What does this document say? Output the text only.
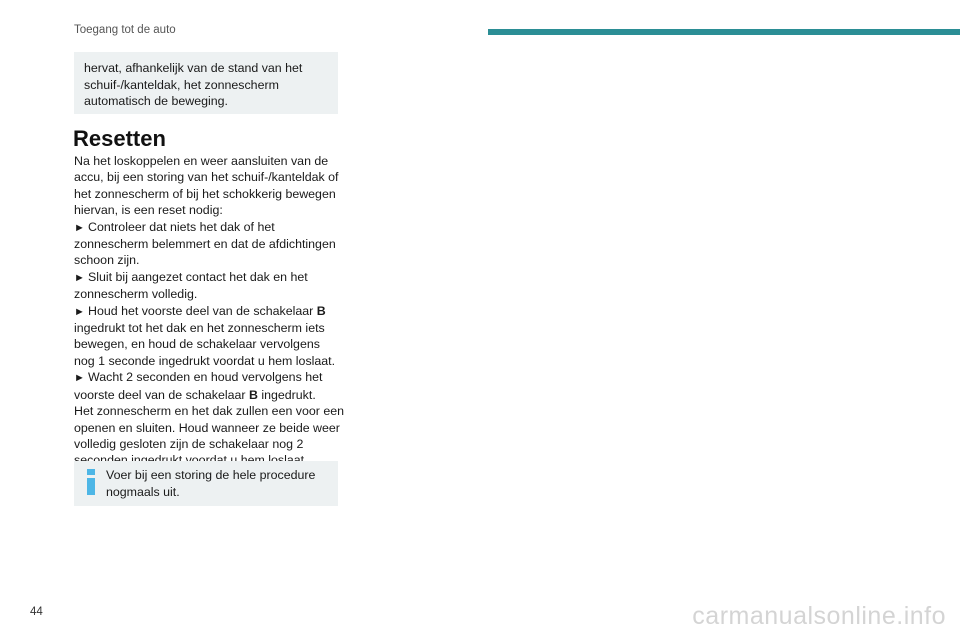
Toegang tot de auto
hervat, afhankelijk van de stand van het schuif-/kanteldak, het zonnescherm automatisch de beweging.
Resetten

Na het loskoppelen en weer aansluiten van de accu, bij een storing van het schuif-/kanteldak of het zonnescherm of bij het schokkerig bewegen hiervan, is een reset nodig:

► Controleer dat niets het dak of het zonnescherm belemmert en dat de afdichtingen schoon zijn.

► Sluit bij aangezet contact het dak en het zonnescherm volledig.

► Houd het voorste deel van de schakelaar B ingedrukt tot het dak en het zonnescherm iets bewegen, en houd de schakelaar vervolgens nog 1 seconde ingedrukt voordat u hem loslaat.

► Wacht 2 seconden en houd vervolgens het voorste deel van de schakelaar B ingedrukt.

Het zonnescherm en het dak zullen een voor een openen en sluiten. Houd wanneer ze beide weer volledig gesloten zijn de schakelaar nog 2

Voer bij een storing de hele procedure nogmaals uit.
44	carmanualsonline.info
